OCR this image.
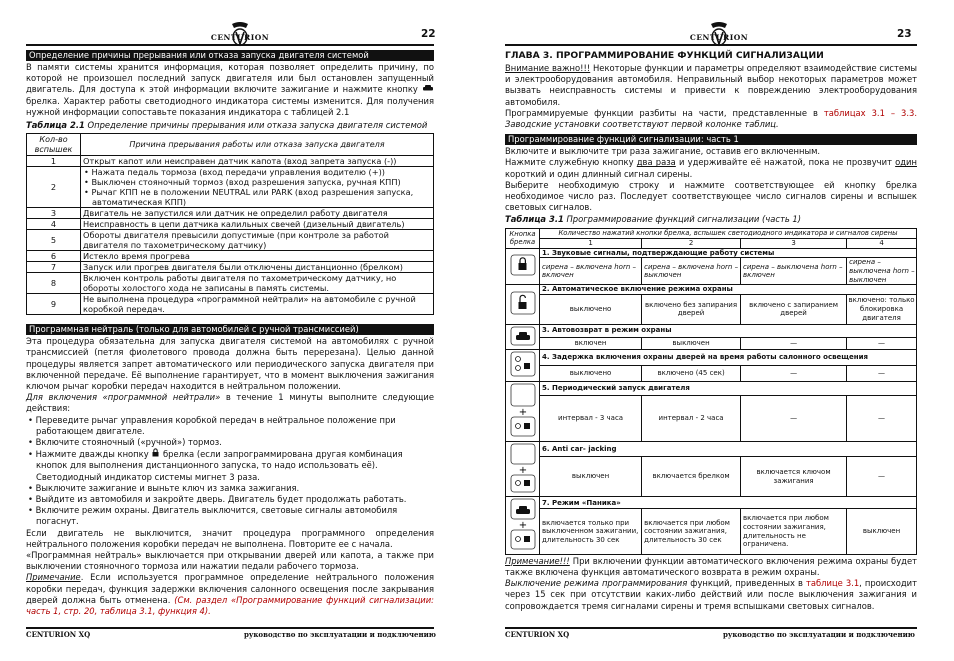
CENTURION	22
Определение причины прерывания или отказа запуска двигателя системой

В памяти системы хранится информация, которая позволяет определить причину, по которой не произошел последний запуск двигателя или был остановлен запущенный двигатель. Для доступа к этой информации включите зажигание и нажмите кнопку  брелка. Характер работы светодиодного индикатора системы изменится. Для получения нужной информации сопоставьте показания индикатора с таблицей 2.1

Таблица 2.1 Определение причины прерывания или отказа запуска двигателя системой
Кол-во вспышек	Причина прерывания работы или отказа запуска двигателя
1	Открыт капот или неисправен датчик капота (вход запрета запуска (-))
2	• Нажата педаль тормоза (вход передачи управления водителю (+))
• Выключен стояночный тормоз (вход разрешения запуска, ручная КПП)
• Рычаг КПП не в положении NEUTRAL или PARK (вход разрешения запуска, автоматическая КПП)

3	Двигатель не запустился или датчик не определил работу двигателя
4	Неисправность в цепи датчика калильных свечей (дизельный двигатель)
5	Обороты двигателя превысили допустимые (при контроле за работой двигателя по тахометрическому датчику)
6	Истекло время прогрева
7	Запуск или прогрев двигателя были отключены дистанционно (брелком)
8	Включен контроль работы двигателя по тахометрическому датчику, но обороты холостого хода не записаны в память системы.
9	Не выполнена процедура «программной нейтрали» на автомобиле с ручной коробкой передач.
Программная нейтраль (только для автомобилей с ручной трансмиссией)

Эта процедура обязательна для запуска двигателя системой на автомобилях с ручной трансмиссией (петля фиолетового провода должна быть перерезана). Целью данной процедуры является запрет автоматического или периодического запуска двигателя при включенной передаче. Её выполнение гарантирует, что в момент выключения зажигания ключом рычаг коробки передач находится в нейтральном положении.

Для включения «программной нейтрали» в течение 1 минуты выполните следующие действия:

• Переведите рычаг управления коробкой передач в нейтральное положение при работающем двигателе.
• Включите стояночный («ручной») тормоз.
• Нажмите дважды кнопку брелка (если запрограммирована другая комбинация кнопок для выполнения дистанционного запуска, то надо использовать её). Светодиодный индикатор системы мигнет 3 раза.
• Выключите зажигание и выньте ключ из замка зажигания.
• Выйдите из автомобиля и закройте дверь. Двигатель будет продолжать работать.
• Включите режим охраны. Двигатель выключится, световые сигналы автомобиля погаснут.

Если двигатель не выключится, значит процедура программного определения нейтрального положения коробки передач не выполнена. Повторите ее с начала.

«Программная нейтраль» выключается при открывании дверей или капота, а также при выключении стояночного тормоза или нажатии педали рабочего тормоза.

Примечание. Если используется программное определение нейтрального положения коробки передач, функция задержки включения салонного освещения после закрывания дверей должна быть отменена. (См. раздел «Программирование функций сигнализации: часть 1, стр. 20, таблица 3.1, функция 4).

CENTURION XQ	руководство по эксплуатации и подключению
CENTURION	23
ГЛАВА 3. ПРОГРАММИРОВАНИЕ ФУНКЦИЙ СИГНАЛИЗАЦИИ

Внимание важно!!! Некоторые функции и параметры определяют взаимодействие системы и электрооборудования автомобиля. Неправильный выбор некоторых параметров может вызвать неисправность системы и привести к повреждению электрооборудования автомобиля.

Программируемые функции разбиты на части, представленные в таблицах 3.1 – 3.3. Заводские установки соответствуют первой колонке таблиц.

Программирование функций сигнализации: часть 1

Включите и выключите три раза зажигание, оставив его включенным.

Нажмите служебную кнопку два раза и удерживайте её нажатой, пока не прозвучит один короткий и один длинный сигнал сирены.

Выберите необходимую строку и нажмите соответствующее ей кнопку брелка необходимое число раз. Последует соответствующее число сигналов сирены и вспышек световых сигналов.

Таблица 3.1 Программирование функций сигнализации (часть 1)
Кнопка брелка	Количество нажатий кнопки брелка, вспышек светодиодного индикатора и сигналов сирены			
	1	2	3	4
	1. Звуковые сигналы, подтверждающие работу системы			
	сирена – включена horn – включен	сирена – включена horn – выключен	сирена – выключена horn – включен	сирена – выключена horn – выключен
	2. Автоматическое включение режима охраны			
	выключено	включено без запирания дверей	включено с запиранием дверей	включено: только блокировка двигателя
	3. Автовозврат в режим охраны			
	включен	выключен	—	—
	4. Задержка включения охраны дверей на время работы салонного освещения			
	выключено	включено (45 сек)	—	—

+	5. Периодический запуск двигателя			
	интервал - 3 часа	интервал - 2 часа	—	—

+	6. Anti car- jacking			
	выключен	включается брелком	включается ключом зажигания	—

+	7. Режим «Паника»			
	включается только при выключенном зажигании, длительность 30 сек	включается при любом состоянии зажигания, длительность 30 сек	включается при любом состоянии зажигания, длительность не ограничена.	выключен

Примечание!!! При включении функции автоматического включения режима охраны будет также включена функция автоматического возврата в режим охраны.

Выключение режима программирования функций, приведенных в таблице 3.1, происходит через 15 сек при отсутствии каких-либо действий или после выключения зажигания и сопровождается тремя сигналами сирены и тремя вспышками световых сигналов.

CENTURION XQ	руководство по эксплуатации и подключению
